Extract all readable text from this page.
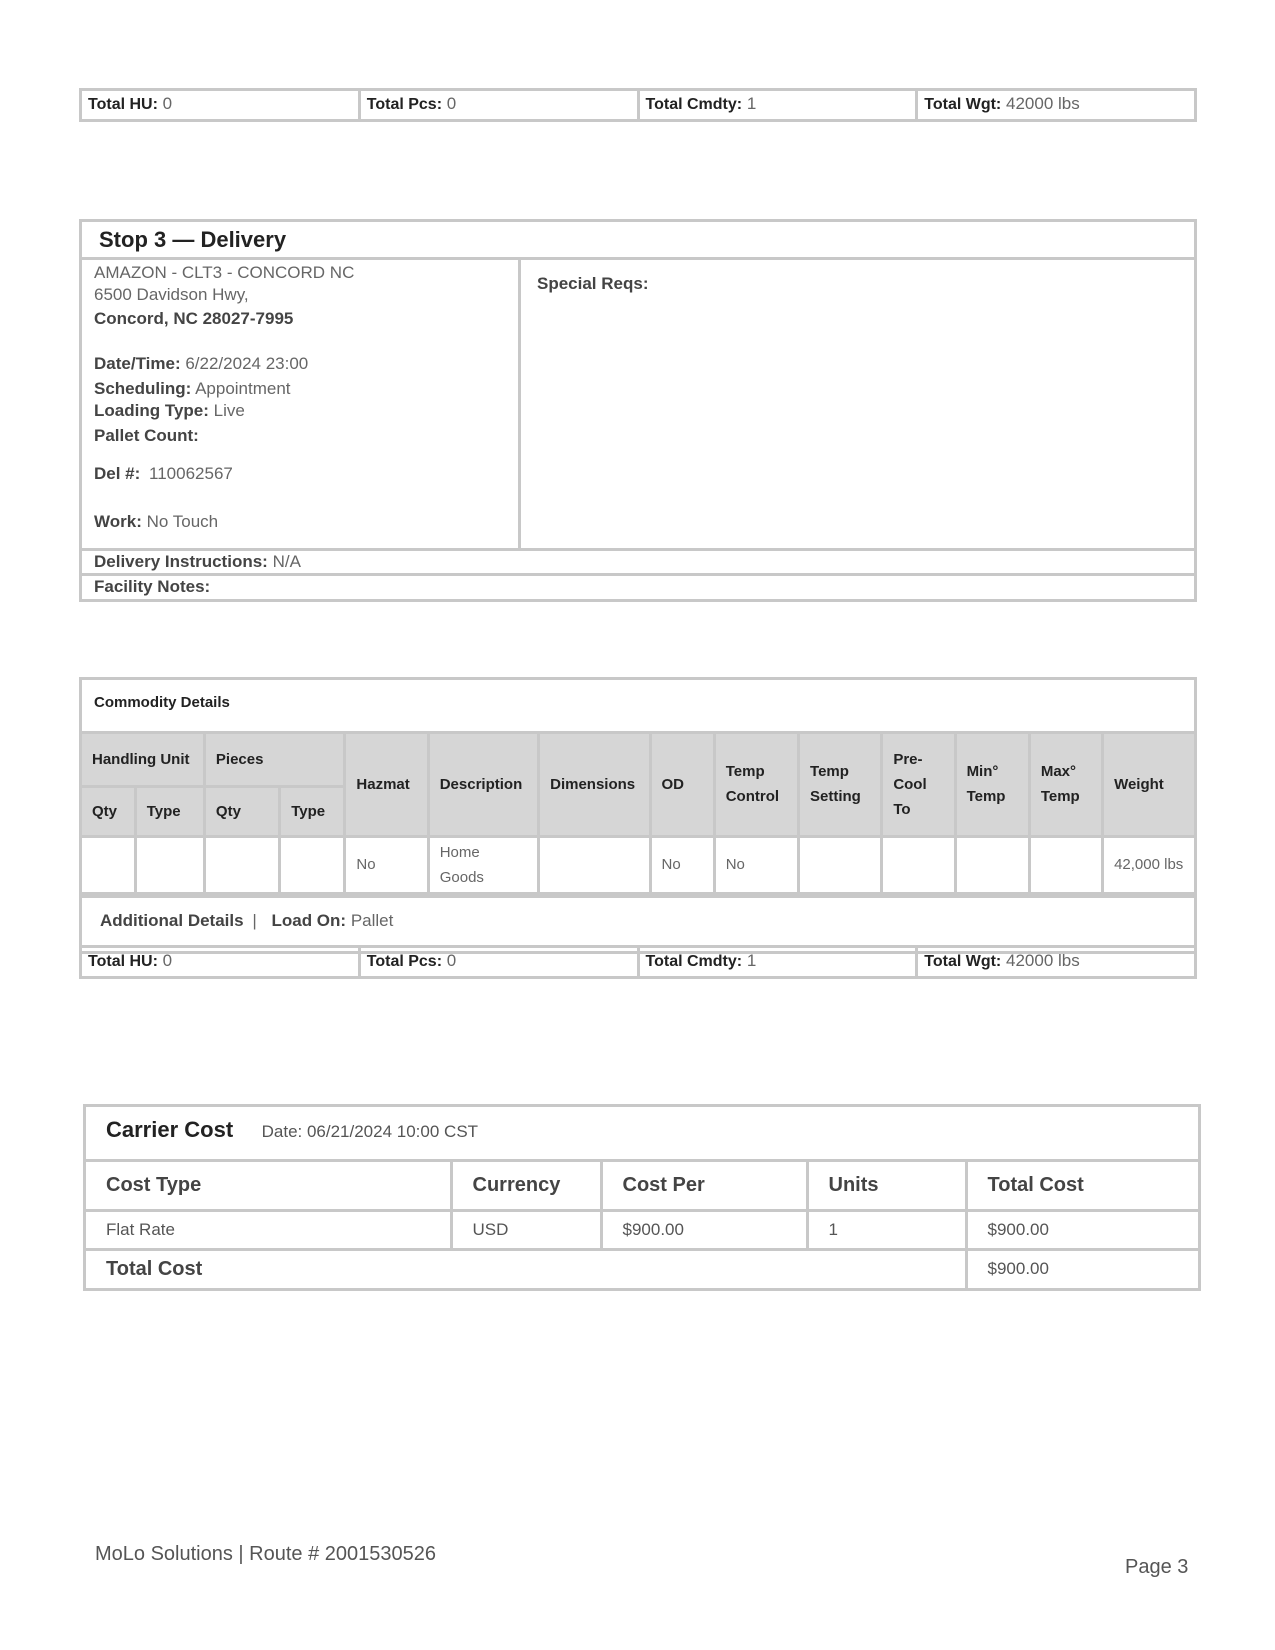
Total HU: 0	Total Pcs: 0	Total Cmdty: 1	Total Wgt: 42000 lbs
Stop 3 — Delivery
AMAZON - CLT3 - CONCORD NC
6500 Davidson Hwy,
Concord, NC 28027-7995
Date/Time: 6/22/2024 23:00
Scheduling: Appointment
Loading Type: Live
Pallet Count:
Del #: 110062567
Work: No Touch
Special Reqs:
Delivery Instructions: N/A
Facility Notes:
Commodity Details
Handling Unit		Pieces		Hazmat	Description	Dimensions	OD	Temp Control	Temp Setting	Pre-Cool To	Min° Temp	Max° Temp	Weight
Qty	Type	Qty	Type										
				No	Home Goods		No	No					42,000 lbs
Additional Details | Load On: Pallet
Total HU: 0	Total Pcs: 0	Total Cmdty: 1	Total Wgt: 42000 lbs
Carrier Cost Date: 06/21/2024 10:00 CST
Cost Type	Currency	Cost Per	Units	Total Cost
Flat Rate	USD	$900.00	1	$900.00
Total Cost				$900.00
MoLo Solutions | Route # 2001530526
Page 3
